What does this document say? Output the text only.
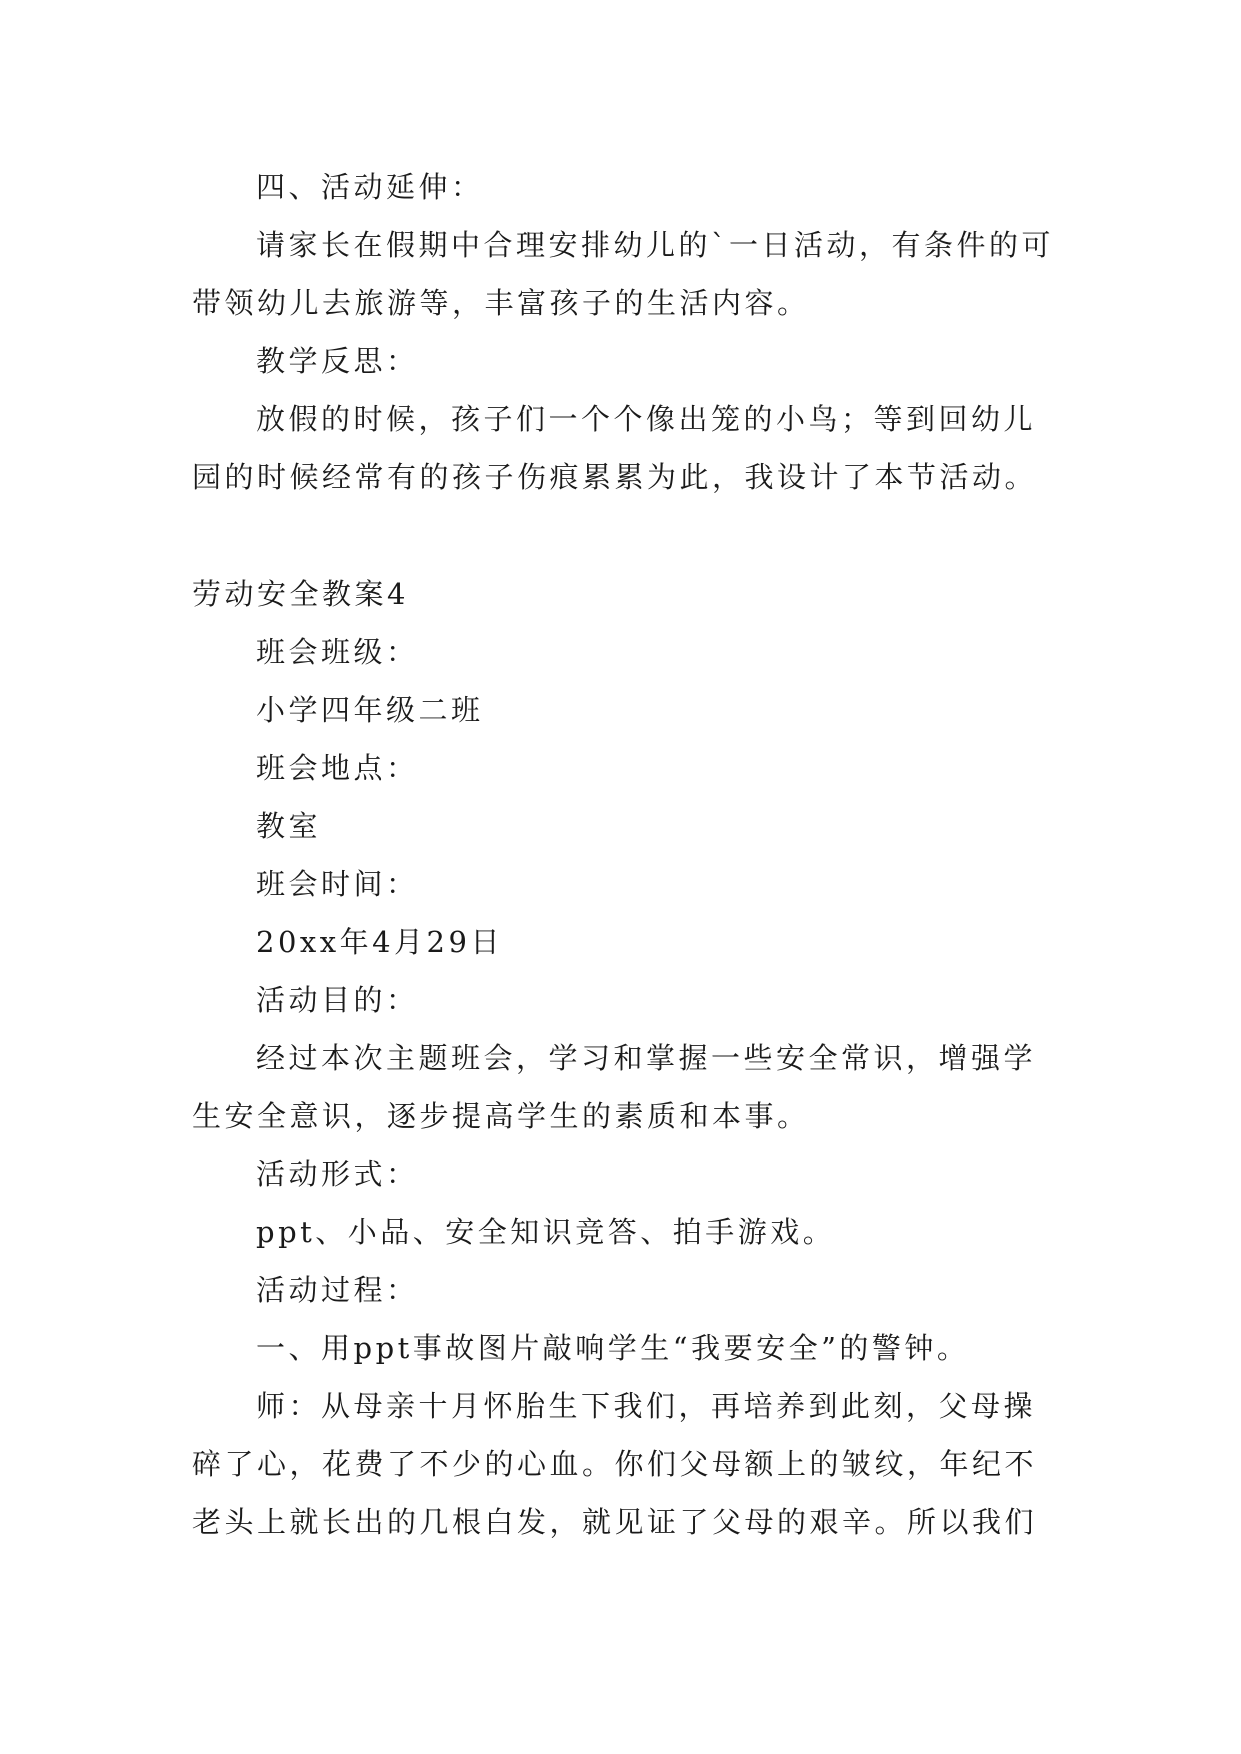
四、活动延伸：

请家长在假期中合理安排幼儿的`一日活动，有条件的可带领幼儿去旅游等，丰富孩子的生活内容。

教学反思：

放假的时候，孩子们一个个像出笼的小鸟；等到回幼儿园的时候经常有的孩子伤痕累累为此，我设计了本节活动。

劳动安全教案4

班会班级：

小学四年级二班

班会地点：

教室

班会时间：

20xx年4月29日

活动目的：

经过本次主题班会，学习和掌握一些安全常识，增强学生安全意识，逐步提高学生的素质和本事。

活动形式：

ppt、小品、安全知识竞答、拍手游戏。

活动过程：

一、用ppt事故图片敲响学生“我要安全”的警钟。

师：从母亲十月怀胎生下我们，再培养到此刻，父母操碎了心，花费了不少的心血。你们父母额上的皱纹，年纪不老头上就长出的几根白发，就见证了父母的艰辛。所以我们
